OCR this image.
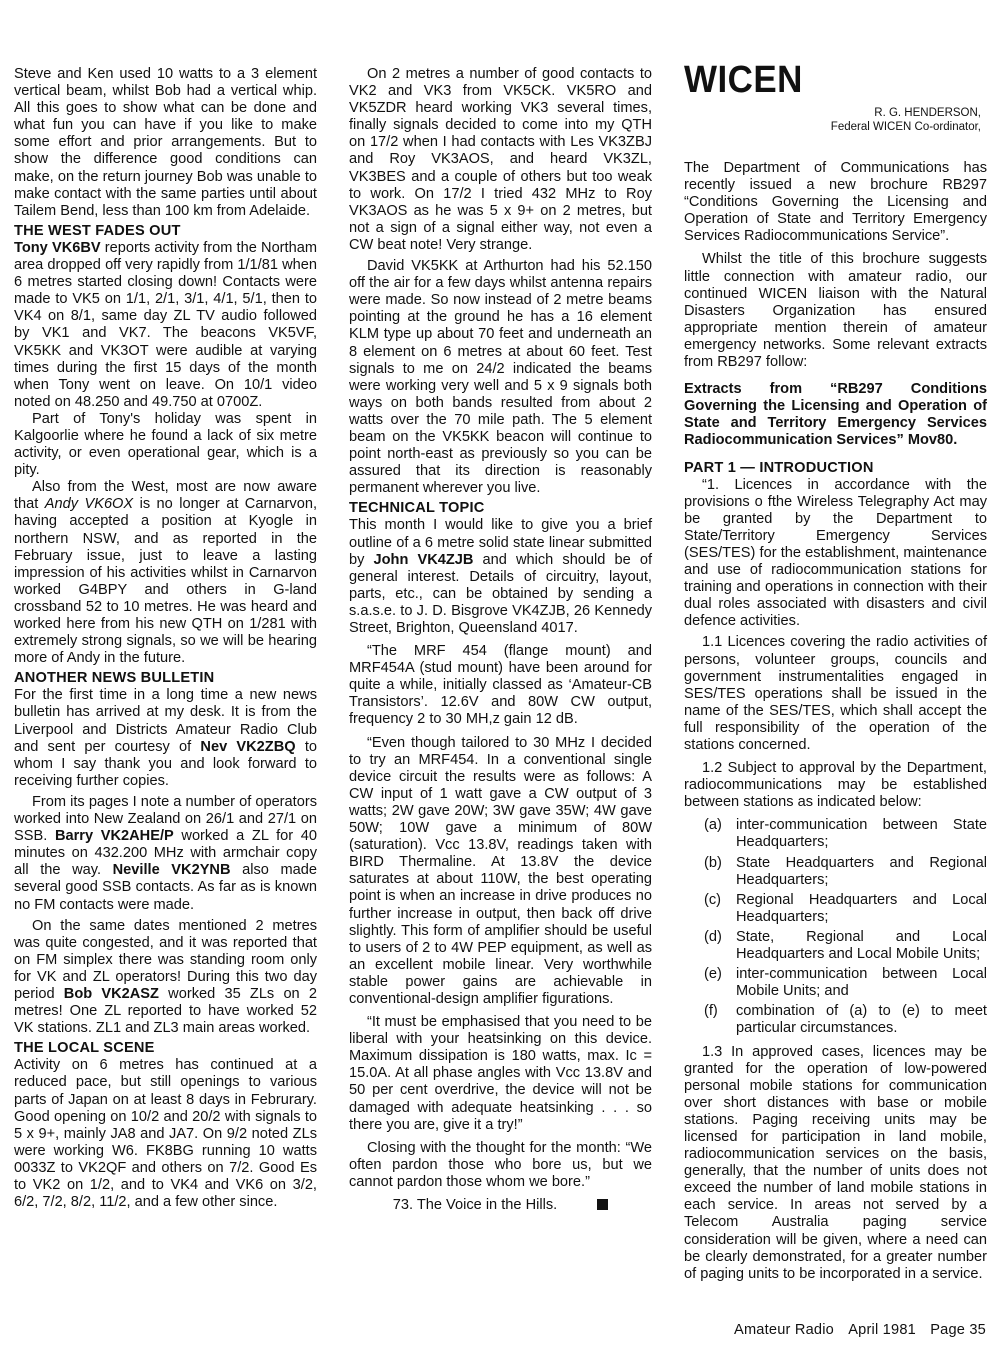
Steve and Ken used 10 watts to a 3 element vertical beam, whilst Bob had a vertical whip. All this goes to show what can be done and what fun you can have if you like to make some effort and prior arrangements. But to show the difference good conditions can make, on the return journey Bob was unable to make contact with the same parties until about Tailem Bend, less than 100 km from Adelaide.

THE WEST FADES OUT

Tony VK6BV reports activity from the Northam area dropped off very rapidly from 1/1/81 when 6 metres started closing down! Contacts were made to VK5 on 1/1, 2/1, 3/1, 4/1, 5/1, then to VK4 on 8/1, same day ZL TV audio followed by VK1 and VK7. The beacons VK5VF, VK5KK and VK3OT were audible at varying times during the first 15 days of the month when Tony went on leave. On 10/1 video noted on 48.250 and 49.750 at 0700Z.

Part of Tony's holiday was spent in Kalgoorlie where he found a lack of six metre activity, or even operational gear, which is a pity.

Also from the West, most are now aware that Andy VK6OX is no longer at Carnarvon, having accepted a position at Kyogle in northern NSW, and as reported in the February issue, just to leave a lasting impression of his activities whilst in Carnarvon worked G4BPY and others in G-land crossband 52 to 10 metres. He was heard and worked here from his new QTH on 1/281 with extremely strong signals, so we will be hearing more of Andy in the future.

ANOTHER NEWS BULLETIN

For the first time in a long time a new news bulletin has arrived at my desk. It is from the Liverpool and Districts Amateur Radio Club and sent per courtesy of Nev VK2ZBQ to whom I say thank you and look forward to receiving further copies.

From its pages I note a number of operators worked into New Zealand on 26/1 and 27/1 on SSB. Barry VK2AHE/P worked a ZL for 40 minutes on 432.200 MHz with armchair copy all the way. Neville VK2YNB also made several good SSB contacts. As far as is known no FM contacts were made.

On the same dates mentioned 2 metres was quite congested, and it was reported that on FM simplex there was standing room only for VK and ZL operators! During this two day period Bob VK2ASZ worked 35 ZLs on 2 metres! One ZL reported to have worked 52 VK stations. ZL1 and ZL3 main areas worked.

THE LOCAL SCENE

Activity on 6 metres has continued at a reduced pace, but still openings to various parts of Japan on at least 8 days in Februrary. Good opening on 10/2 and 20/2 with signals to 5 x 9+, mainly JA8 and JA7. On 9/2 noted ZLs were working W6. FK8BG running 10 watts 0033Z to VK2QF and others on 7/2. Good Es to VK2 on 1/2, and to VK4 and VK6 on 3/2, 6/2, 7/2, 8/2, 11/2, and a few other since.

On 2 metres a number of good contacts to VK2 and VK3 from VK5CK. VK5RO and VK5ZDR heard working VK3 several times, finally signals decided to come into my QTH on 17/2 when I had contacts with Les VK3ZBJ and Roy VK3AOS, and heard VK3ZL, VK3BES and a couple of others but too weak to work. On 17/2 I tried 432 MHz to Roy VK3AOS as he was 5 x 9+ on 2 metres, but not a sign of a signal either way, not even a CW beat note! Very strange.

David VK5KK at Arthurton had his 52.150 off the air for a few days whilst antenna repairs were made. So now instead of 2 metre beams pointing at the ground he has a 16 element KLM type up about 70 feet and underneath an 8 element on 6 metres at about 60 feet. Test signals to me on 24/2 indicated the beams were working very well and 5 x 9 signals both ways on both bands resulted from about 2 watts over the 70 mile path. The 5 element beam on the VK5KK beacon will continue to point north-east as previously so you can be assured that its direction is reasonably permanent wherever you live.

TECHNICAL TOPIC

This month I would like to give you a brief outline of a 6 metre solid state linear submitted by John VK4ZJB and which should be of general interest. Details of circuitry, layout, parts, etc., can be obtained by sending a s.a.s.e. to J. D. Bisgrove VK4ZJB, 26 Kennedy Street, Brighton, Queensland 4017.

“The MRF 454 (flange mount) and MRF454A (stud mount) have been around for quite a while, initially classed as ‘Amateur-CB Transistors’. 12.6V and 80W CW output, frequency 2 to 30 MH,z gain 12 dB.

“Even though tailored to 30 MHz I decided to try an MRF454. In a conventional single device circuit the results were as follows: A CW input of 1 watt gave a CW output of 3 watts; 2W gave 20W; 3W gave 35W; 4W gave 50W; 10W gave a minimum of 80W (saturation). Vcc 13.8V, readings taken with BIRD Thermaline. At 13.8V the device saturates at about 110W, the best operating point is when an increase in drive produces no further increase in output, then back off drive slightly. This form of amplifier should be useful to users of 2 to 4W PEP equipment, as well as an excellent mobile linear. Very worthwhile stable power gains are achievable in conventional-design amplifier figurations.

“It must be emphasised that you need to be liberal with your heatsinking on this device. Maximum dissipation is 180 watts, max. Ic = 15.0A. At all phase angles with Vcc 13.8V and 50 per cent overdrive, the device will not be damaged with adequate heatsinking . . . so there you are, give it a try!”

Closing with the thought for the month: “We often pardon those who bore us, but we cannot pardon those whom we bore.”

73. The Voice in the Hills.

WICEN

R. G. HENDERSON,
Federal WICEN Co-ordinator,

The Department of Communications has recently issued a new brochure RB297 “Conditions Governing the Licensing and Operation of State and Territory Emergency Services Radiocommunications Service”.

Whilst the title of this brochure suggests little connection with amateur radio, our continued WICEN liaison with the Natural Disasters Organization has ensured appropriate mention therein of amateur emergency networks. Some relevant extracts from RB297 follow:

Extracts from “RB297 Conditions Governing the Licensing and Operation of State and Territory Emergency Services Radiocommunication Services” Mov80.

PART 1 — INTRODUCTION

“1. Licences in accordance with the provisions o fthe Wireless Telegraphy Act may be granted by the Department to State/Territory Emergency Services (SES/TES) for the establishment, maintenance and use of radiocommunication stations for training and operations in connection with their dual roles associated with disasters and civil defence activities.

1.1 Licences covering the radio activities of persons, volunteer groups, councils and government instrumentalities engaged in SES/TES operations shall be issued in the name of the SES/TES, which shall accept the full responsibility of the operation of the stations concerned.

1.2 Subject to approval by the Department, radiocommunications may be established between stations as indicated below:

(a) inter-communication between State Headquarters;
(b) State Headquarters and Regional Headquarters;
(c)	Regional Headquarters and Local Headquarters;
(d) State, Regional and Local Headquarters and Local Mobile Units;
(e) inter-communication between Local Mobile Units; and
(f)	combination of (a) to (e) to meet particular circumstances.

1.3 In approved cases, licences may be granted for the operation of low-powered personal mobile stations for communication over short distances with base or mobile stations. Paging receiving units may be licensed for participation in land mobile, radiocommunication services on the basis, generally, that the number of units does not exceed the number of land mobile stations in each service. In areas not served by a Telecom Australia paging service consideration will be given, where a need can be clearly demonstrated, for a greater number of paging units to be incorporated in a service.

Amateur Radio April 1981 Page 35
